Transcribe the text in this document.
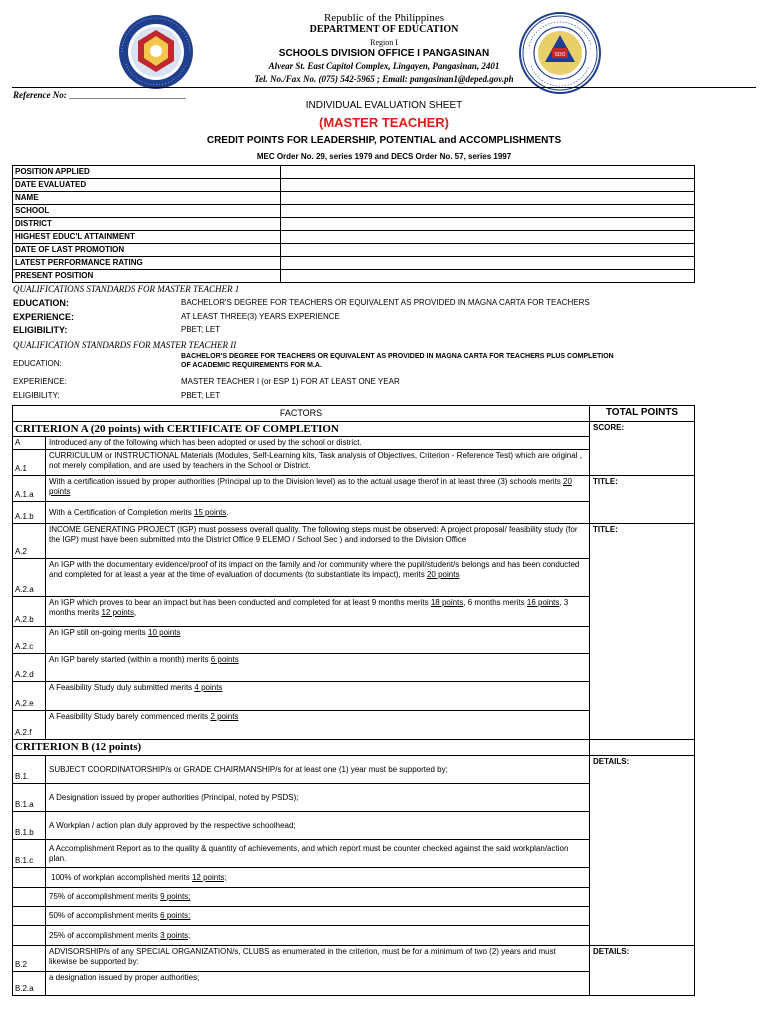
SDO
Republic of the Philippines
DEPARTMENT OF EDUCATION
Region I
SCHOOLS DIVISION OFFICE I PANGASINAN
Alvear St. East Capitol Complex, Lingayen, Pangasinan, 2401
Tel. No./Fax No. (075) 542-5965 ; Email: pangasinan1@deped.gov.ph
Reference No: __________________________
INDIVIDUAL EVALUATION SHEET
(MASTER TEACHER)
CREDIT POINTS FOR LEADERSHIP, POTENTIAL and ACCOMPLISHMENTS
MEC Order No. 29, series 1979 and DECS Order No. 57, series 1997
POSITION APPLIED	
DATE EVALUATED	
NAME	
SCHOOL	
DISTRICT	
HIGHEST EDUC'L ATTAINMENT	
DATE OF LAST PROMOTION	
LATEST PERFORMANCE RATING	
PRESENT POSITION	
QUALIFICATIONS STANDARDS FOR MASTER TEACHER 1
EDUCATION:	BACHELOR'S DEGREE FOR TEACHERS OR EQUIVALENT AS PROVIDED IN MAGNA CARTA FOR TEACHERS
EXPERIENCE:	AT LEAST THREE(3) YEARS EXPERIENCE
ELIGIBILITY:	PBET; LET
QUALIFICATION STANDARDS FOR MASTER TEACHER II
EDUCATION:
BACHELOR'S DEGREE FOR TEACHERS OR EQUIVALENT AS PROVIDED IN MAGNA CARTA FOR TEACHERS PLUS COMPLETION
OF ACADEMIC REQUIREMENTS FOR M.A.
EXPERIENCE:	MASTER TEACHER I (or ESP 1) FOR AT LEAST ONE YEAR
ELIGIBILITY:	PBET; LET
FACTORS		TOTAL POINTS
CRITERION A (20 points) with CERTIFICATE OF COMPLETION		SCORE:
A	Introduced any of the following which has been adopted or used by the school or district.	
A.1	CURRICULUM or INSTRUCTIONAL Materials (Modules, Self-Learning kits, Task analysis of Objectives, Criterion - Reference Test) which are original , not merely compilation, and are used by teachers in the School or District.	
A.1.a	With a certification issued by proper authorities (Principal up to the Division level) as to the actual usage therof in at least three (3) schools merits 20 points	TITLE:
A.1.b	With a Certification of Completion merits 15 points.	
A.2	INCOME GENERATING PROJECT (IGP) must possess overall quality. The following steps must be observed: A project proposal/ feasibility study (for the IGP) must have been submitted mto the District Office 9 ELEMO / School Sec ) and indorsed to the Division Office	TITLE:
A.2.a	An IGP with the documentary evidence/proof of its impact on the family and /or community where the pupil/student/s belongs and has been conducted and completed for at least a year at the time of evaluation of documents (to substantiate its impact), merits 20 points	
A.2.b	An IGP which proves to bear an impact but has been conducted and completed for at least 9 months merits 18 points, 6 months merits 16 points, 3 months merits 12 points,	
A.2.c	An IGP still on-going merits 10 points	
A.2.d	An IGP barely started (within a month) merits 6 points	
A.2.e	A Feasibility Study duly submitted merits 4 points	
A.2.f	A Feasibility Study barely commenced merits 2 points	
CRITERION B (12 points)		
B.1.	SUBJECT COORDINATORSHIP/s or GRADE CHAIRMANSHIP/s for at least one (1) year must be supported by;	DETAILS:
B.1.a	A Designation issued by proper authorities (Principal, noted by PSDS);	
B.1.b	A Workplan / action plan duly approved by the respective schoolhead;	
B.1.c	A Accomplishment Report as to the quality & quantity of achievements, and which report must be counter checked against the said workplan/action plan.	
	100% of workplan accomplished merits 12 points;	
	75% of accomplishment merits 9 points;	
	50% of accomplishment merits 6 points;	
	25% of accomplishment merits 3 points;	
B.2	ADVISORSHIP/s of any SPECIAL ORGANIZATION/s, CLUBS as enumerated in the criterion, must be for a minimum of two (2) years and must likewise be supported by:	DETAILS:
B.2.a	a designation issued by proper authorities;	
